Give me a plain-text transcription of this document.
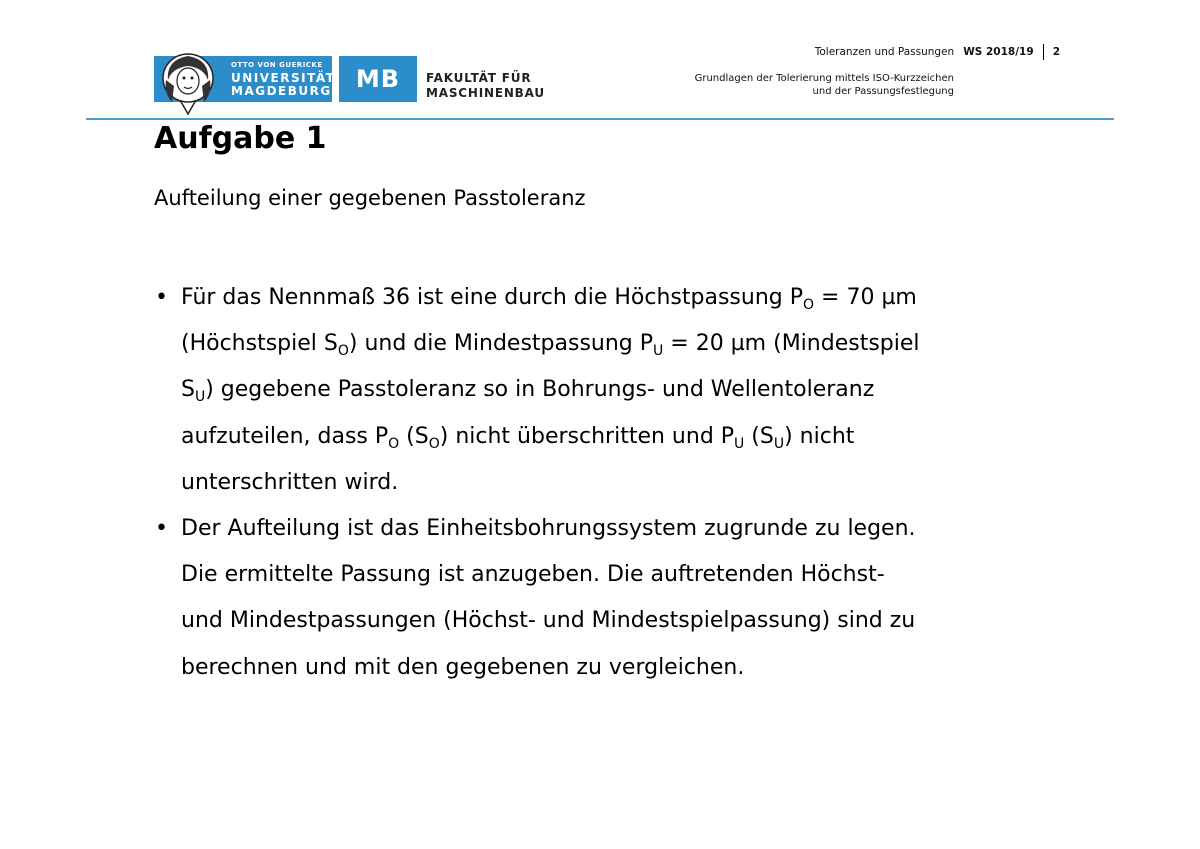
OTTO VON GUERICKE
UNIVERSITÄT
MAGDEBURG	MB	FAKULTÄT FÜR
MASCHINENBAU
Toleranzen und Passungen WS 2018/19 2
Grundlagen der Tolerierung mittels ISO-Kurzzeichen
und der Passungsfestlegung
Aufgabe 1
Aufteilung einer gegebenen Passtoleranz
• Für das Nennmaß 36 ist eine durch die Höchstpassung $P_O = 70$ µm
(Höchstspiel $S_O$) und die Mindestpassung $P_U = 20$ µm (Mindestspiel
$S_U$) gegebene Passtoleranz so in Bohrungs- und Wellentoleranz
aufzuteilen, dass $P_O$ $(S_O)$ nicht überschritten und $P_U$ $(S_U)$ nicht
unterschritten wird.
• Der Aufteilung ist das Einheitsbohrungssystem zugrunde zu legen.
Die ermittelte Passung ist anzugeben. Die auftretenden Höchst-
und Mindestpassungen (Höchst- und Mindestspielpassung) sind zu
berechnen und mit den gegebenen zu vergleichen.
